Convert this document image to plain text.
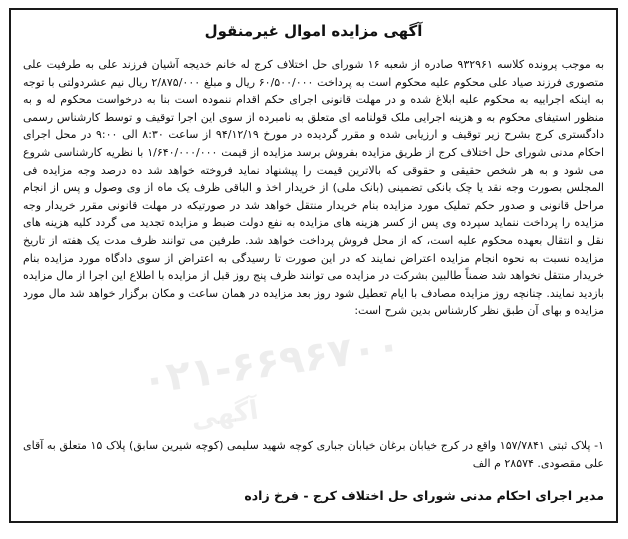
۰۲۱-۶۶۹۶۷۰۰
آگهی
آگهی مزایده اموال غیرمنقول

به موجب پرونده کلاسه ۹۳۲۹۶۱ صادره از شعبه ۱۶ شورای حل اختلاف کرج له خانم خدیجه آشیان فرزند علی به طرفیت علی متصوری فرزند صیاد علی محکوم علیه محکوم است به پرداخت ۶۰/۵۰۰/۰۰۰ ریال و مبلغ ۲/۸۷۵/۰۰۰ ریال نیم عشردولتی با توجه به اینکه اجراییه به محکوم علیه ابلاغ شده و در مهلت قانونی اجرای حکم اقدام ننموده است بنا به درخواست محکوم له و به منظور استیفای محکوم به و هزینه اجرایی ملک قولنامه ای متعلق به نامبرده از سوی این اجرا توقیف و توسط کارشناس رسمی دادگستری کرج بشرح زیر توقیف و ارزیابی شده و مقرر گردیده در مورخ ۹۴/۱۲/۱۹ از ساعت ۸:۳۰ الی ۹:۰۰ در محل اجرای احکام مدنی شورای حل اختلاف کرج از طریق مزایده بفروش برسد مزایده از قیمت ۱/۶۴۰/۰۰۰/۰۰۰ با نظریه کارشناسی شروع می شود و به هر شخص حقیقی و حقوقی که بالاترین قیمت را پیشنهاد نماید فروخته خواهد شد ده درصد وجه مزایده فی المجلس بصورت وجه نقد یا چک بانکی تضمینی (بانک ملی) از خریدار اخذ و الباقی ظرف یک ماه از وی وصول و پس از انجام مراحل قانونی و صدور حکم تملیک مورد مزایده بنام خریدار منتقل خواهد شد در صورتیکه در مهلت قانونی مقرر خریدار وجه مزایده را پرداخت ننماید سپرده وی پس از کسر هزینه های مزایده به نفع دولت ضبط و مزایده تجدید می گردد کلیه هزینه های نقل و انتقال بعهده محکوم علیه است، که از محل فروش پرداخت خواهد شد. طرفین می توانند ظرف مدت یک هفته از تاریخ مزایده نسبت به نحوه انجام مزایده اعتراض نمایند که در این صورت تا رسیدگی به اعتراض از سوی دادگاه مورد مزایده بنام خریدار منتقل نخواهد شد ضمناً طالبین بشرکت در مزایده می توانند ظرف پنج روز قبل از مزایده با اطلاع این اجرا از مال مزایده بازدید نمایند. چنانچه روز مزایده مصادف با ایام تعطیل شود روز بعد مزایده در همان ساعت و مکان برگزار خواهد شد مال مورد مزایده و بهای آن طبق نظر کارشناس بدین شرح است:

۱- پلاک ثبتی ۱۵۷/۷۸۴۱ واقع در کرج خیابان برغان خیابان جباری کوچه شهید سلیمی (کوچه شیرین سابق) پلاک ۱۵ متعلق به آقای علی مقصودی. ۲۸۵۷۴ م الف

مدیر اجرای احکام مدنی شورای حل اختلاف کرج - فرخ زاده
